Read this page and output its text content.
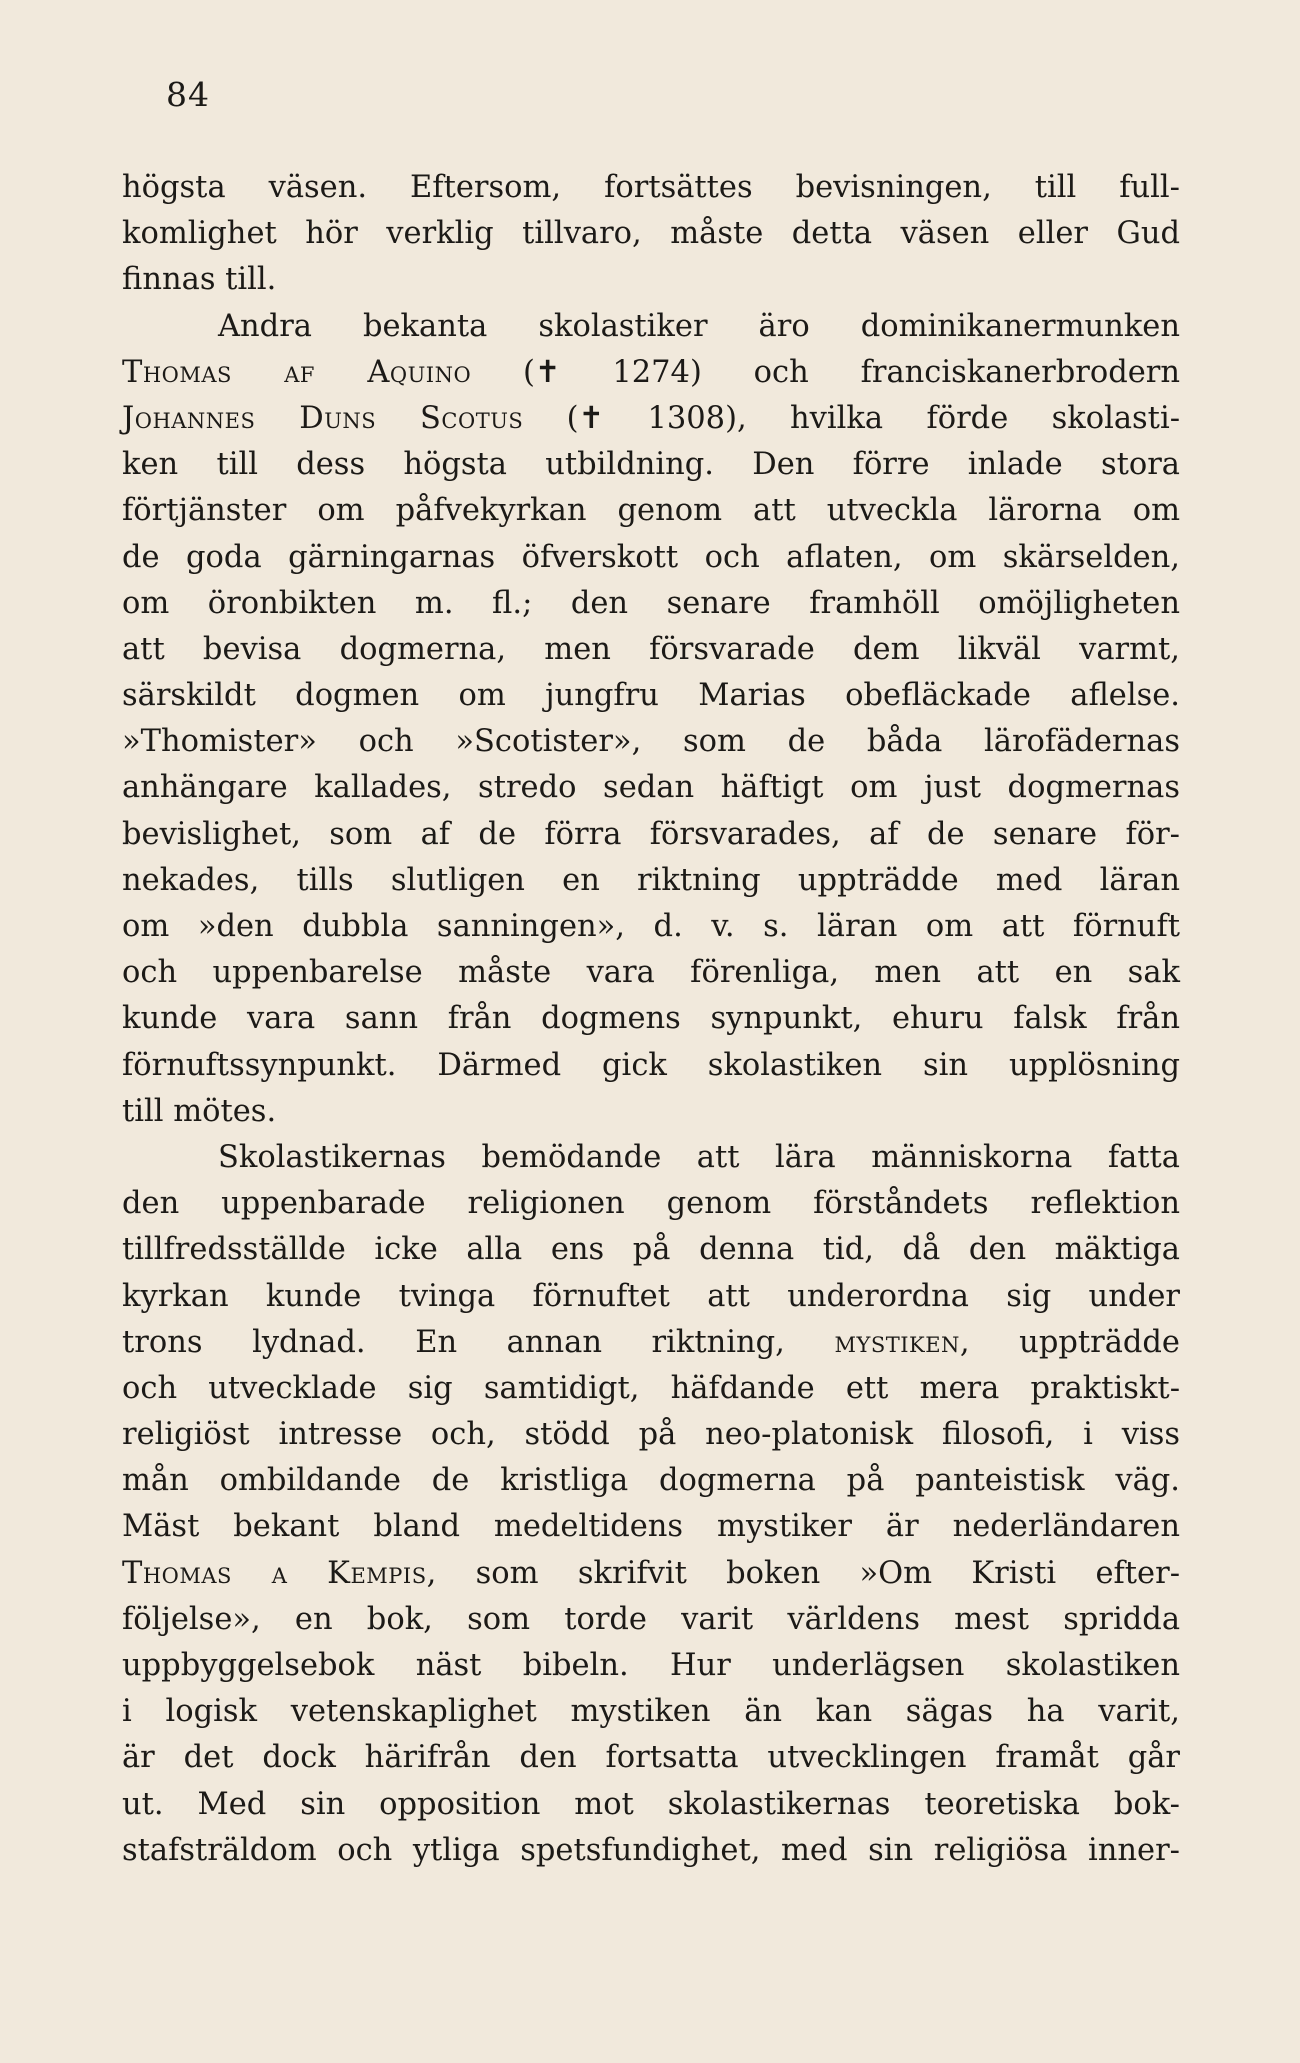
84
högsta väsen. Eftersom, fortsättes bevisningen, till full-
komlighet hör verklig tillvaro, måste detta väsen eller Gud
finnas till.
Andra bekanta skolastiker äro dominikanermunken
Thomas af Aquino (✝ 1274) och franciskanerbrodern
Johannes Duns Scotus (✝ 1308), hvilka förde skolasti-
ken till dess högsta utbildning. Den förre inlade stora
förtjänster om påfvekyrkan genom att utveckla lärorna om
de goda gärningarnas öfverskott och aflaten, om skärselden,
om öronbikten m. fl.; den senare framhöll omöjligheten
att bevisa dogmerna, men försvarade dem likväl varmt,
särskildt dogmen om jungfru Marias obefläckade aflelse.
»Thomister» och »Scotister», som de båda lärofädernas
anhängare kallades, stredo sedan häftigt om just dogmernas
bevislighet, som af de förra försvarades, af de senare för-
nekades, tills slutligen en riktning uppträdde med läran
om »den dubbla sanningen», d. v. s. läran om att förnuft
och uppenbarelse måste vara förenliga, men att en sak
kunde vara sann från dogmens synpunkt, ehuru falsk från
förnuftssynpunkt. Därmed gick skolastiken sin upplösning
till mötes.
Skolastikernas bemödande att lära människorna fatta
den uppenbarade religionen genom förståndets reflektion
tillfredsställde icke alla ens på denna tid, då den mäktiga
kyrkan kunde tvinga förnuftet att underordna sig under
trons lydnad. En annan riktning, mystiken, uppträdde
och utvecklade sig samtidigt, häfdande ett mera praktiskt-
religiöst intresse och, stödd på neo-platonisk filosofi, i viss
mån ombildande de kristliga dogmerna på panteistisk väg.
Mäst bekant bland medeltidens mystiker är nederländaren
Thomas a Kempis, som skrifvit boken »Om Kristi efter-
följelse», en bok, som torde varit världens mest spridda
uppbyggelsebok näst bibeln. Hur underlägsen skolastiken
i logisk vetenskaplighet mystiken än kan sägas ha varit,
är det dock härifrån den fortsatta utvecklingen framåt går
ut. Med sin opposition mot skolastikernas teoretiska bok-
stafsträldom och ytliga spetsfundighet, med sin religiösa inner-
